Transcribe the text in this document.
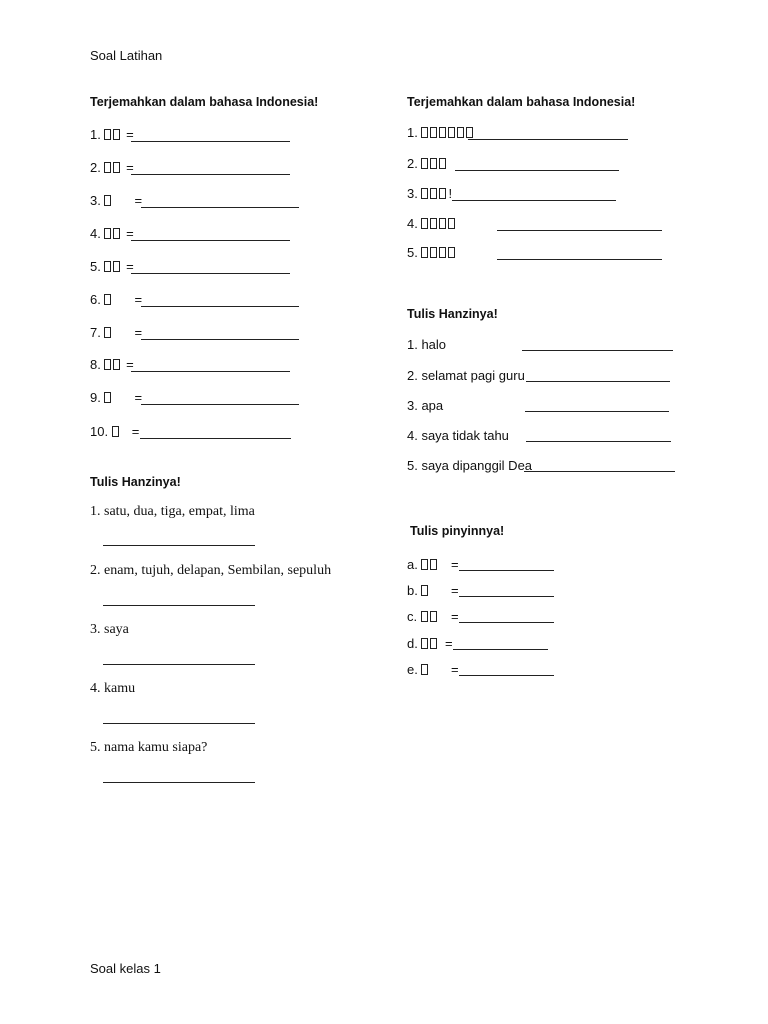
Soal Latihan
Terjemahkan dalam bahasa Indonesia!
1. =
2. =
3.	=
4. =
5. =
6.	=
7.	=
8. =
9.	=
10. =
Tulis Hanzinya!
1. satu, dua, tiga, empat, lima
2. enam, tujuh, delapan, Sembilan, sepuluh
3. saya
4. kamu
5. nama kamu siapa?
Terjemahkan dalam bahasa Indonesia!
1.
2.
3. !
4.
5.
Tulis Hanzinya!
1. halo
2. selamat pagi guru
3. apa
4. saya tidak tahu
5. saya dipanggil Dea
Tulis pinyinnya!
a.	=
b.	=
c.	=
d.	=
e.	=
Soal kelas 1
